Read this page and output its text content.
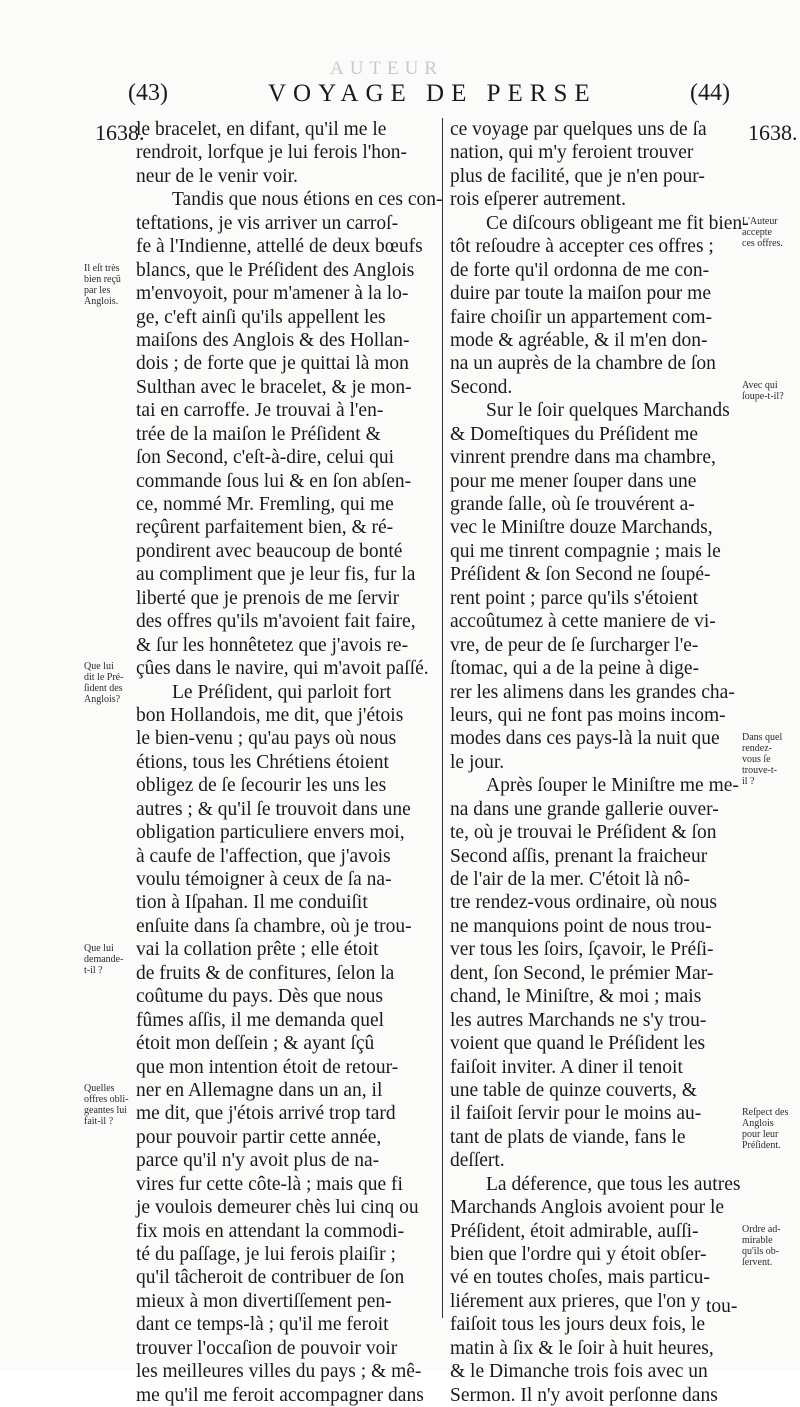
AUTEUR
(43)	VOYAGE DE PERSE	(44)
1638.	1638.
le bracelet, en difant, qu'il me le
rendroit, lorfque je lui ferois l'hon-
neur de le venir voir.
Tandis que nous étions en ces con-
teftations, je vis arriver un carroſ-
fe à l'Indienne, attellé de deux bœufs
blancs, que le Préſident des Anglois
m'envoyoit, pour m'amener à la lo-
ge, c'eft ainſi qu'ils appellent les
maiſons des Anglois & des Hollan-
dois ; de forte que je quittai là mon
Sulthan avec le bracelet, & je mon-
tai en carroffe. Je trouvai à l'en-
trée de la maiſon le Préſident &
ſon Second, c'eſt-à-dire, celui qui
commande ſous lui & en ſon abſen-
ce, nommé Mr. Fremling, qui me
reçûrent parfaitement bien, & ré-
pondirent avec beaucoup de bonté
au compliment que je leur fis, fur la
liberté que je prenois de me ſervir
des offres qu'ils m'avoient fait faire,
& ſur les honnêtetez que j'avois re-
çûes dans le navire, qui m'avoit paſſé.
Le Préſident, qui parloit fort
bon Hollandois, me dit, que j'étois
le bien-venu ; qu'au pays où nous
étions, tous les Chrétiens étoient
obligez de ſe ſecourir les uns les
autres ; & qu'il ſe trouvoit dans une
obligation particuliere envers moi,
à caufe de l'affection, que j'avois
voulu témoigner à ceux de ſa na-
tion à Iſpahan. Il me conduiſit
enſuite dans ſa chambre, où je trou-
vai la collation prête ; elle étoit
de fruits & de confitures, ſelon la
coûtume du pays. Dès que nous
fûmes aſſis, il me demanda quel
étoit mon deſſein ; & ayant ſçû
que mon intention étoit de retour-
ner en Allemagne dans un an, il
me dit, que j'étois arrivé trop tard
pour pouvoir partir cette année,
parce qu'il n'y avoit plus de na-
vires fur cette côte-là ; mais que fi
je voulois demeurer chès lui cinq ou
fix mois en attendant la commodi-
té du paſſage, je lui ferois plaiſir ;
qu'il tâcheroit de contribuer de ſon
mieux à mon divertiſſement pen-
dant ce temps-là ; qu'il me feroit
trouver l'occaſion de pouvoir voir
les meilleures villes du pays ; & mê-
me qu'il me feroit accompagner dans
ce voyage par quelques uns de ſa
nation, qui m'y feroient trouver
plus de facilité, que je n'en pour-
rois eſperer autrement.
Ce diſcours obligeant me fit bien-
tôt reſoudre à accepter ces offres ;
de forte qu'il ordonna de me con-
duire par toute la maiſon pour me
faire choiſir un appartement com-
mode & agréable, & il m'en don-
na un auprès de la chambre de ſon
Second.
Sur le ſoir quelques Marchands
& Domeſtiques du Préſident me
vinrent prendre dans ma chambre,
pour me mener ſouper dans une
grande ſalle, où ſe trouvérent a-
vec le Miniſtre douze Marchands,
qui me tinrent compagnie ; mais le
Préſident & ſon Second ne ſoupé-
rent point ; parce qu'ils s'étoient
accoûtumez à cette maniere de vi-
vre, de peur de ſe ſurcharger l'e-
ſtomac, qui a de la peine à dige-
rer les alimens dans les grandes cha-
leurs, qui ne font pas moins incom-
modes dans ces pays-là la nuit que
le jour.
Après ſouper le Miniſtre me me-
na dans une grande gallerie ouver-
te, où je trouvai le Préſident & ſon
Second aſſis, prenant la fraicheur
de l'air de la mer. C'étoit là nô-
tre rendez-vous ordinaire, où nous
ne manquions point de nous trou-
ver tous les ſoirs, ſçavoir, le Préſi-
dent, ſon Second, le prémier Mar-
chand, le Miniſtre, & moi ; mais
les autres Marchands ne s'y trou-
voient que quand le Préſident les
faiſoit inviter. A diner il tenoit
une table de quinze couverts, &
il faiſoit ſervir pour le moins au-
tant de plats de viande, fans le
deſſert.
La déference, que tous les autres
Marchands Anglois avoient pour le
Préſident, étoit admirable, auſſi-
bien que l'ordre qui y étoit obſer-
vé en toutes choſes, mais particu-
liérement aux prieres, que l'on y
faiſoit tous les jours deux fois, le
matin à ſix & le ſoir à huit heures,
& le Dimanche trois fois avec un
Sermon. Il n'y avoit perſonne dans
Il eſt très
bien reçû
par les
Anglois.
Que lui
dit le Pré-
ſident des
Anglois?
Que lui
demande-
t-il ?
Quelles
offres obli-
geantes lui
fait-il ?
L'Auteur
accepte
ces offres.
Avec qui
ſoupe-t-il?
Dans quel
rendez-
vous ſe
trouve-t-
il ?
Reſpect des
Anglois
pour leur
Préſident.
Ordre ad-
mirable
qu'ils ob-
ſervent.
tou-
